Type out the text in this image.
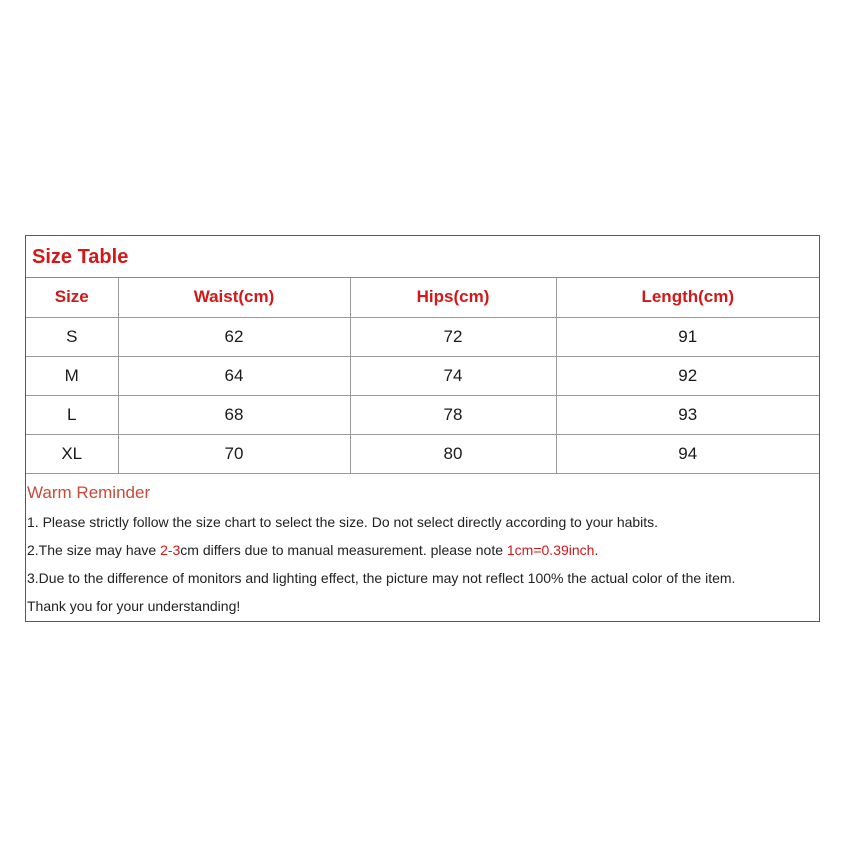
Size Table
Size	Waist(cm)	Hips(cm)	Length(cm)
S	62	72	91
M	64	74	92
L	68	78	93
XL	70	80	94
Warm Reminder
1. Please strictly follow the size chart to select the size. Do not select directly according to your habits.
2.The size may have 2-3cm differs due to manual measurement. please note 1cm=0.39inch.
3.Due to the difference of monitors and lighting effect, the picture may not reflect 100% the actual color of the item.
Thank you for your understanding!
